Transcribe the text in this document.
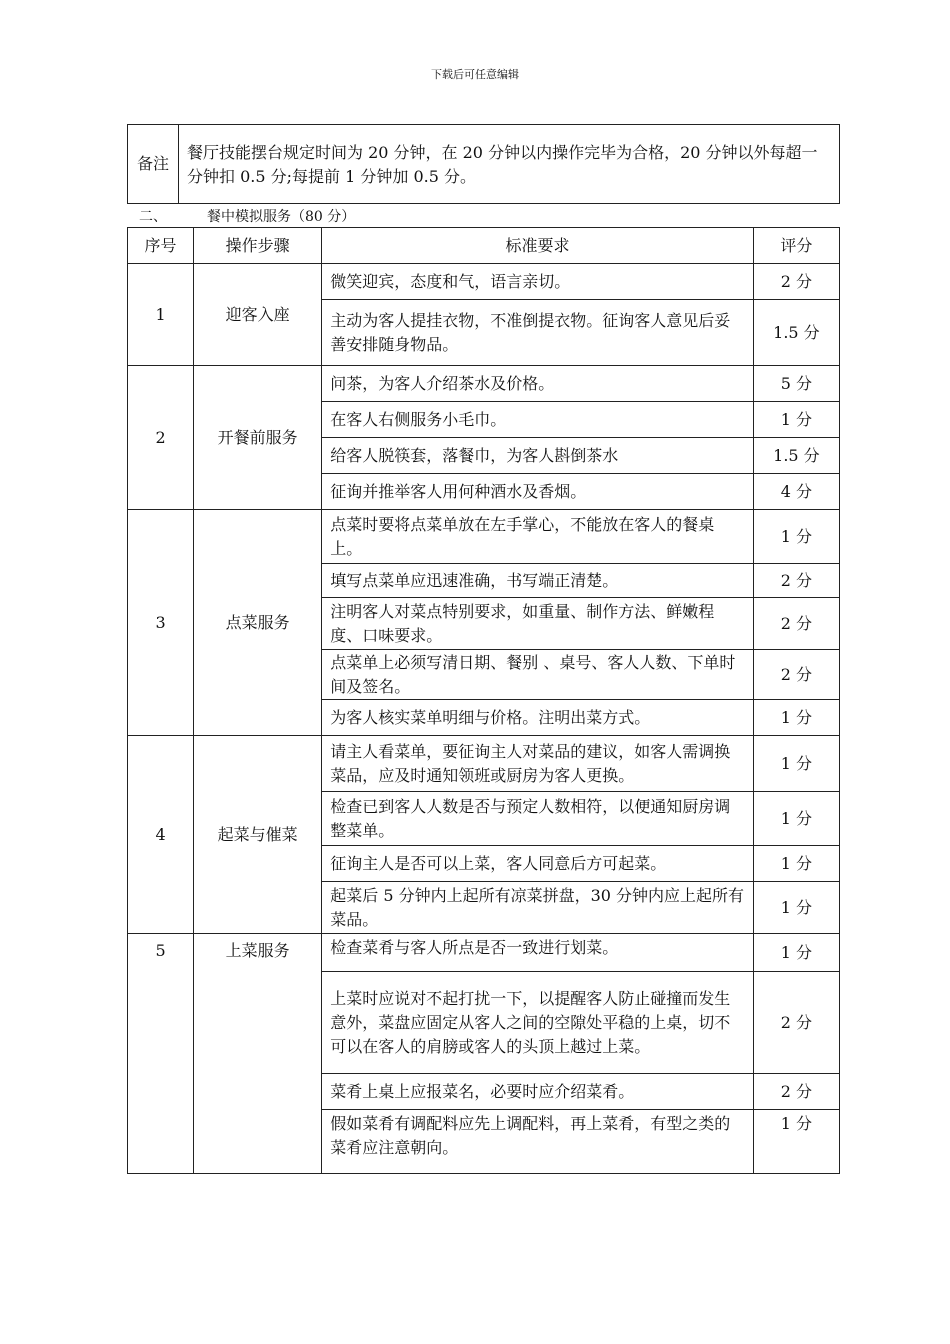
下载后可任意编辑
备注	餐厅技能摆台规定时间为 20 分钟，在 20 分钟以内操作完毕为合格，20 分钟以外每超一分钟扣 0.5 分;每提前 1 分钟加 0.5 分。
二、	餐中模拟服务（80 分）
序号	操作步骤	标准要求	评分
1	迎客入座	微笑迎宾，态度和气，语言亲切。	2 分

		主动为客人提挂衣物，不准倒提衣物。征询客人意见后妥善安排随身物品。	1.5 分
2	开餐前服务	问茶，为客人介绍茶水及价格。	5 分

		在客人右侧服务小毛巾。	1 分

		给客人脱筷套，落餐巾，为客人斟倒茶水	1.5 分

		征询并推举客人用何种酒水及香烟。	4 分
3	点菜服务	点菜时要将点菜单放在左手掌心，不能放在客人的餐桌上。	1 分

		填写点菜单应迅速准确，书写端正清楚。	2 分

		注明客人对菜点特别要求，如重量、制作方法、鲜嫩程度、口味要求。	2 分

		点菜单上必须写清日期、餐别 、桌号、客人人数、下单时间及签名。	2 分

		为客人核实菜单明细与价格。注明出菜方式。	1 分
4	起菜与催菜	请主人看菜单，要征询主人对菜品的建议，如客人需调换菜品，应及时通知领班或厨房为客人更换。	1 分

		检查已到客人人数是否与预定人数相符，以便通知厨房调整菜单。	1 分

		征询主人是否可以上菜，客人同意后方可起菜。	1 分

		起菜后 5 分钟内上起所有凉菜拼盘，30 分钟内应上起所有菜品。	1 分
5	上菜服务	检查菜肴与客人所点是否一致进行划菜。	1 分

		上菜时应说对不起打扰一下，以提醒客人防止碰撞而发生意外，菜盘应固定从客人之间的空隙处平稳的上桌，切不可以在客人的肩膀或客人的头顶上越过上菜。	2 分

		菜肴上桌上应报菜名，必要时应介绍菜肴。	2 分

		假如菜肴有调配料应先上调配料，再上菜肴，有型之类的菜肴应注意朝向。	1 分
